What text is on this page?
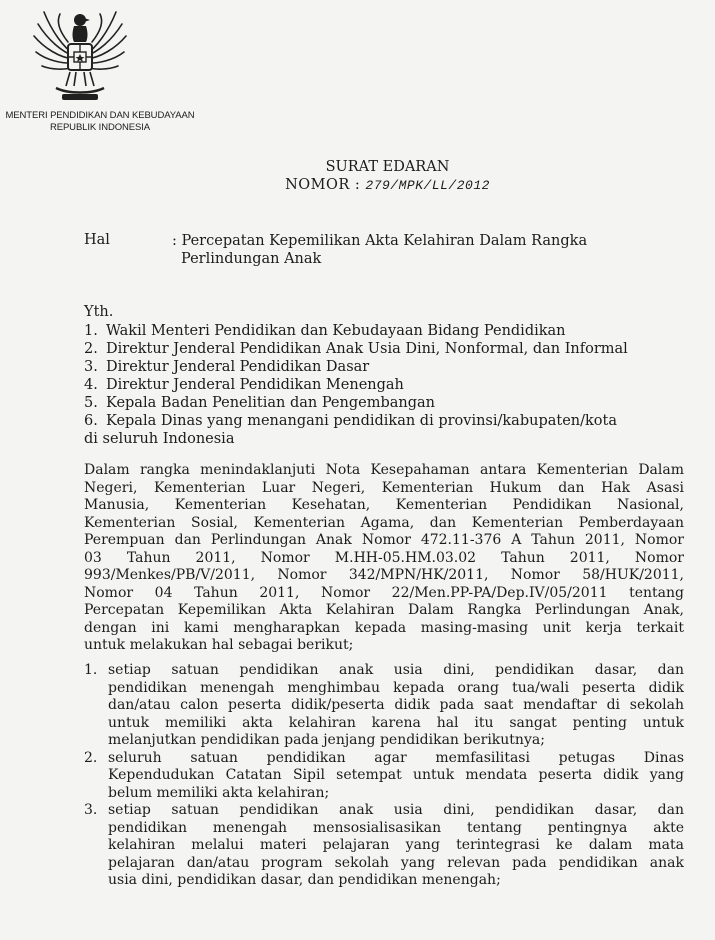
MENTERI PENDIDIKAN DAN KEBUDAYAAN
REPUBLIK INDONESIA
SURAT EDARAN
NOMOR : 279/MPK/LL/2012
Hal	: Percepatan Kepemilikan Akta Kelahiran Dalam Rangka
Perlindungan Anak
Yth.
1. Wakil Menteri Pendidikan dan Kebudayaan Bidang Pendidikan
2. Direktur Jenderal Pendidikan Anak Usia Dini, Nonformal, dan Informal
3. Direktur Jenderal Pendidikan Dasar
4. Direktur Jenderal Pendidikan Menengah
5. Kepala Badan Penelitian dan Pengembangan
6. Kepala Dinas yang menangani pendidikan di provinsi/kabupaten/kota
di seluruh Indonesia
Dalam rangka menindaklanjuti Nota Kesepahaman antara Kementerian Dalam
Negeri, Kementerian Luar Negeri, Kementerian Hukum dan Hak Asasi
Manusia, Kementerian Kesehatan, Kementerian Pendidikan Nasional,
Kementerian Sosial, Kementerian Agama, dan Kementerian Pemberdayaan
Perempuan dan Perlindungan Anak Nomor 472.11-376 A Tahun 2011, Nomor
03 Tahun 2011, Nomor M.HH-05.HM.03.02 Tahun 2011, Nomor
993/Menkes/PB/V/2011, Nomor 342/MPN/HK/2011, Nomor 58/HUK/2011,
Nomor 04 Tahun 2011, Nomor 22/Men.PP-PA/Dep.IV/05/2011 tentang
Percepatan Kepemilikan Akta Kelahiran Dalam Rangka Perlindungan Anak,
dengan ini kami mengharapkan kepada masing-masing unit kerja terkait
untuk melakukan hal sebagai berikut;
1. setiap satuan pendidikan anak usia dini, pendidikan dasar, dan
pendidikan menengah menghimbau kepada orang tua/wali peserta didik
dan/atau calon peserta didik/peserta didik pada saat mendaftar di sekolah
untuk memiliki akta kelahiran karena hal itu sangat penting untuk
melanjutkan pendidikan pada jenjang pendidikan berikutnya;
2. seluruh satuan pendidikan agar memfasilitasi petugas Dinas
Kependudukan Catatan Sipil setempat untuk mendata peserta didik yang
belum memiliki akta kelahiran;
3. setiap satuan pendidikan anak usia dini, pendidikan dasar, dan
pendidikan menengah mensosialisasikan tentang pentingnya akte
kelahiran melalui materi pelajaran yang terintegrasi ke dalam mata
pelajaran dan/atau program sekolah yang relevan pada pendidikan anak
usia dini, pendidikan dasar, dan pendidikan menengah;
